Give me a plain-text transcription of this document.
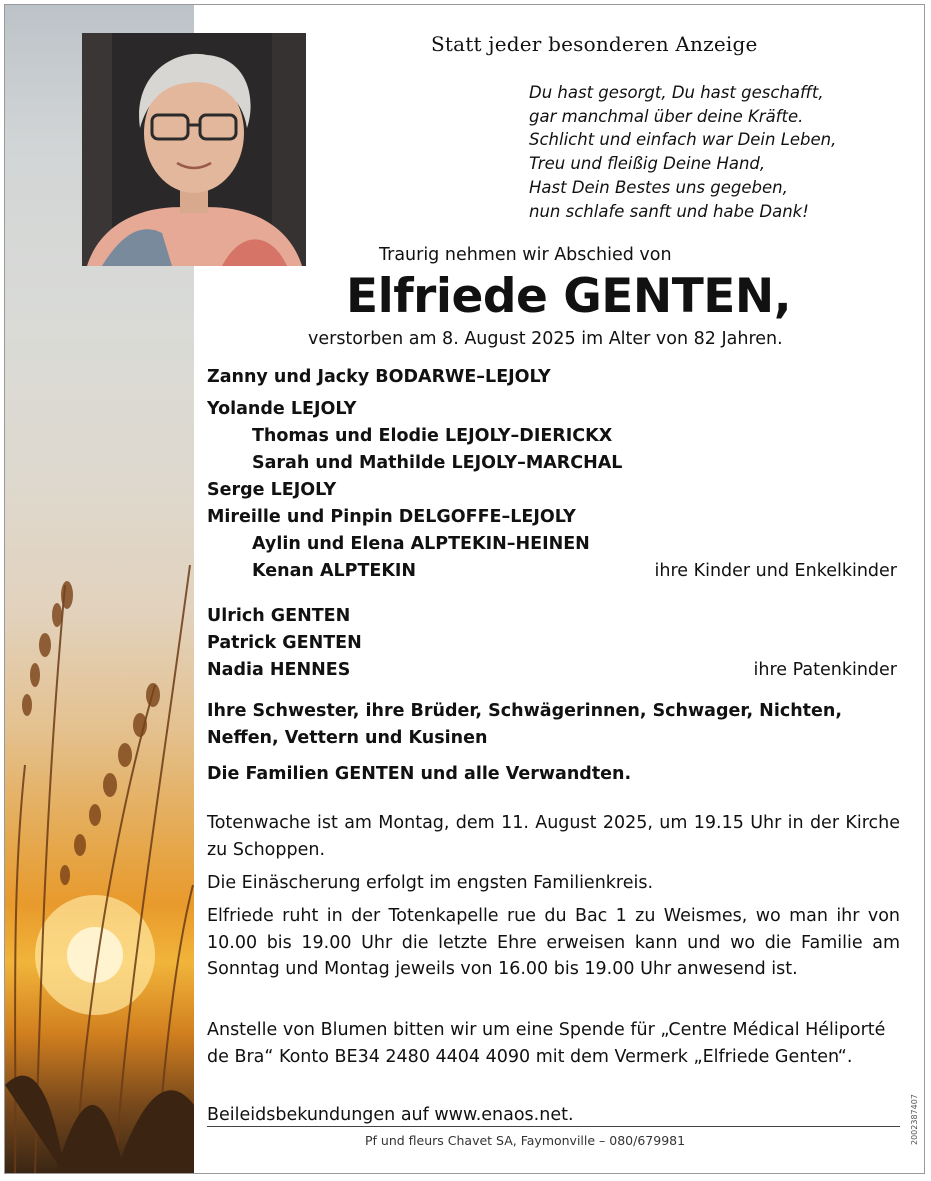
Statt jeder besonderen Anzeige
Du hast gesorgt, Du hast geschafft,
gar manchmal über deine Kräfte.
Schlicht und einfach war Dein Leben,
Treu und fleißig Deine Hand,
Hast Dein Bestes uns gegeben,
nun schlafe sanft und habe Dank!
Traurig nehmen wir Abschied von
Elfriede GENTEN,
verstorben am 8. August 2025 im Alter von 82 Jahren.
Zanny und Jacky BODARWE–LEJOLY
Yolande LEJOLY
Thomas und Elodie LEJOLY–DIERICKX
Sarah und Mathilde LEJOLY–MARCHAL
Serge LEJOLY
Mireille und Pinpin DELGOFFE–LEJOLY
Aylin und Elena ALPTEKIN–HEINEN
Kenan ALPTEKIN	ihre Kinder und Enkelkinder
Ulrich GENTEN
Patrick GENTEN
Nadia HENNES	ihre Patenkinder
Ihre Schwester, ihre Brüder, Schwägerinnen, Schwager, Nichten, Neffen, Vettern und Kusinen
Die Familien GENTEN und alle Verwandten.
Totenwache ist am Montag, dem 11. August 2025, um 19.15 Uhr in der Kirche zu Schoppen.
Die Einäscherung erfolgt im engsten Familienkreis.
Elfriede ruht in der Totenkapelle rue du Bac 1 zu Weismes, wo man ihr von 10.00 bis 19.00 Uhr die letzte Ehre erweisen kann und wo die Familie am Sonntag und Montag jeweils von 16.00 bis 19.00 Uhr anwesend ist.
Anstelle von Blumen bitten wir um eine Spende für „Centre Médical Héliporté de Bra“ Konto BE34 2480 4404 4090 mit dem Vermerk „Elfriede Genten“.
Beileidsbekundungen auf www.enaos.net.
Pf und fleurs Chavet SA, Faymonville – 080/679981	2002387407
